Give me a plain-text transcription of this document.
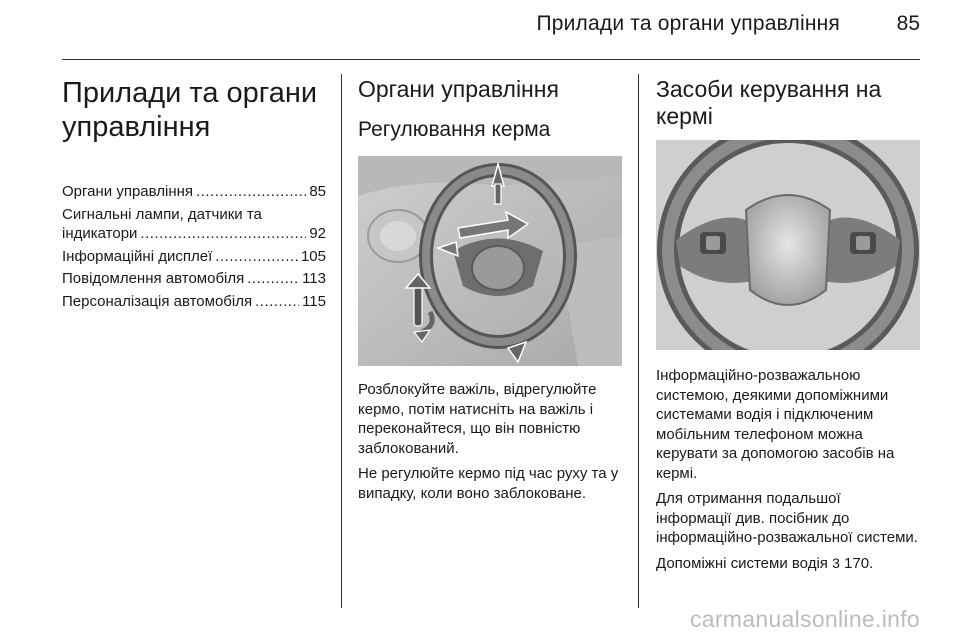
Прилади та органи управління	85
Прилади та органи управління
Органи управління .....	85
Сигнальні лампи, датчики та
індикатори .....	92
Інформаційні дисплеї .....	105
Повідомлення автомобіля .....	113
Персоналізація автомобіля .....	115
Органи управління
Регулювання керма

Розблокуйте важіль, відрегулюйте кермо, потім натисніть на важіль і переконайтеся, що він повністю заблокований.

Не регулюйте кермо під час руху та у випадку, коли воно заблоковане.

Засоби керування на кермі

Інформаційно-розважальною системою, деякими допоміжними системами водія і підключеним мобільним телефоном можна керувати за допомогою засобів на кермі.

Для отримання подальшої інформації див. посібник до інформаційно-розважальної системи.

Допоміжні системи водія 3 170.

carmanualsonline.info
